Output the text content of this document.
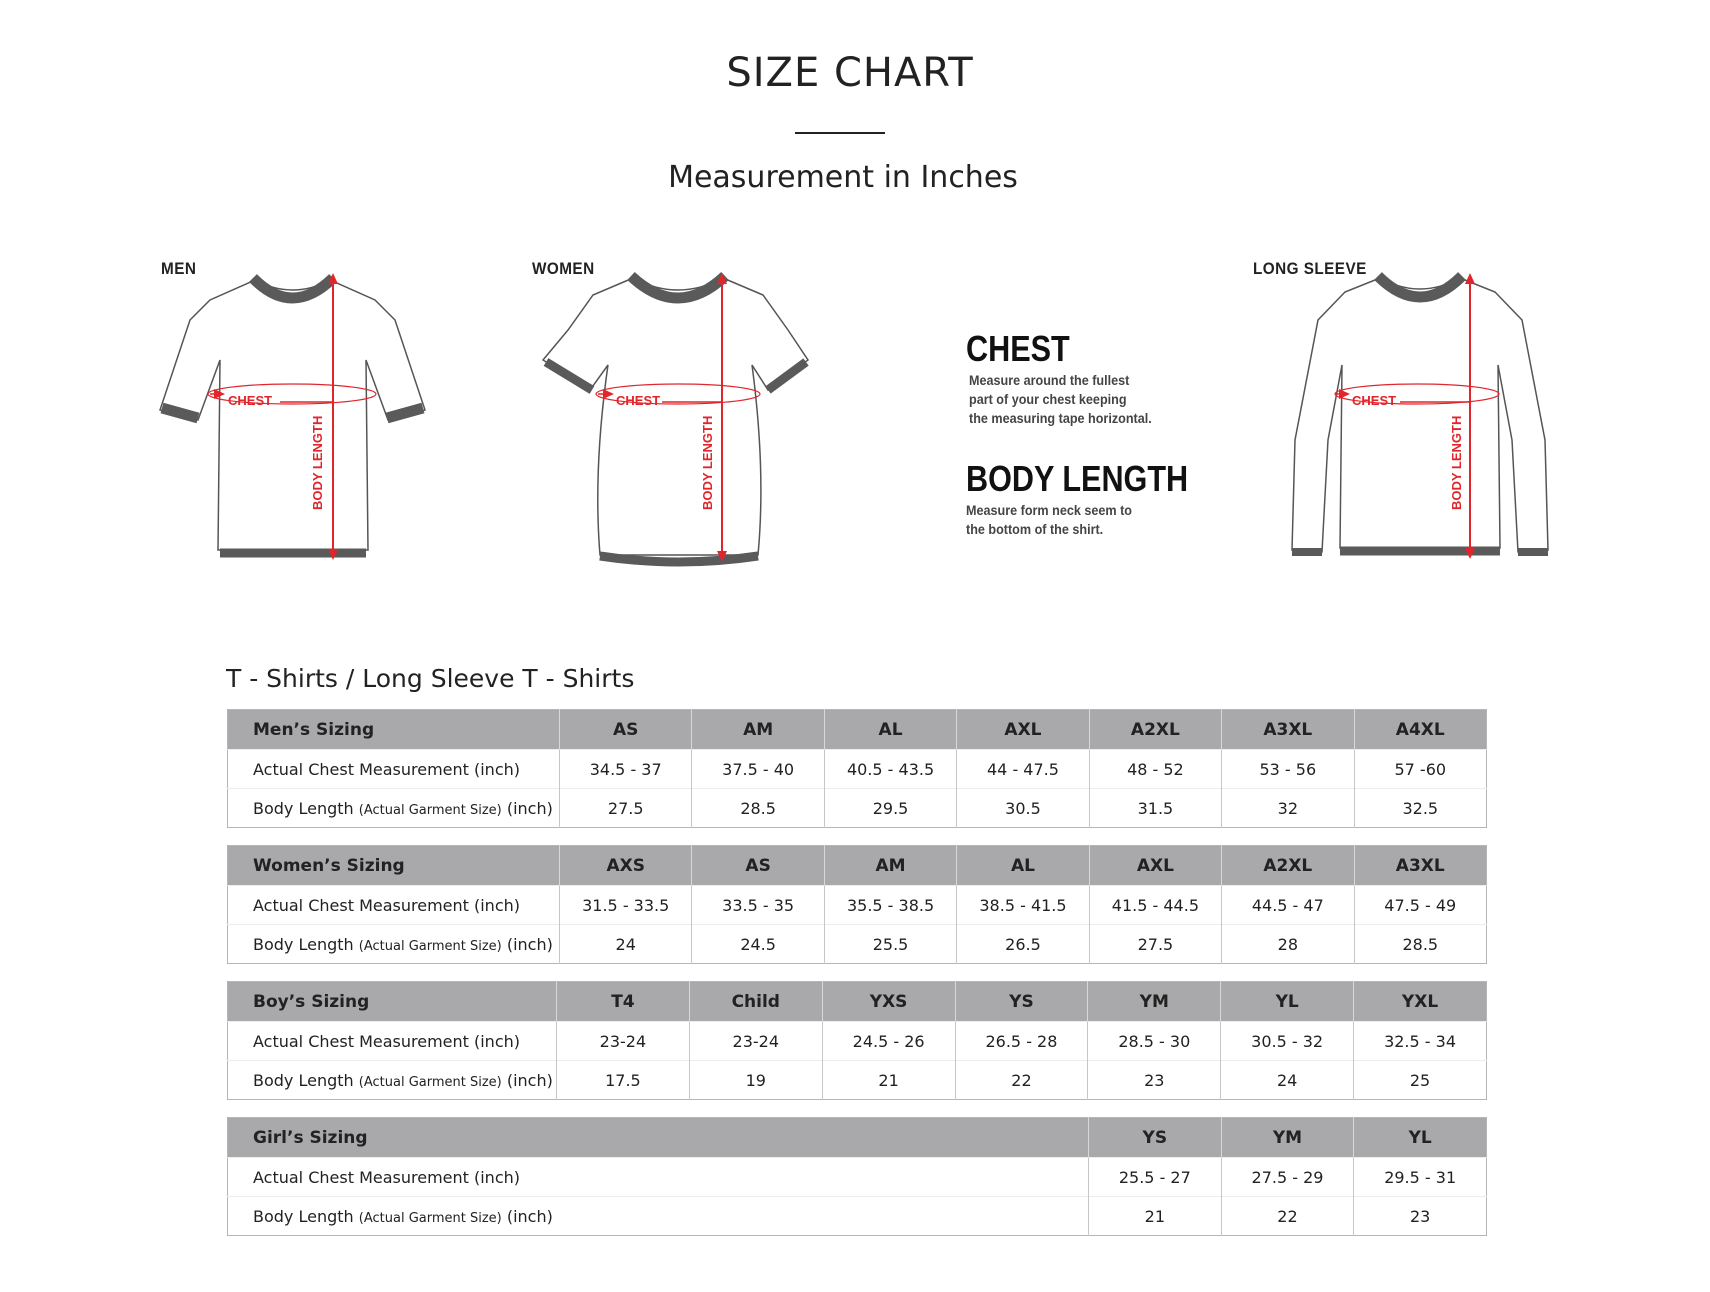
SIZE CHART
Measurement in Inches
MEN	WOMEN	LONG SLEEVE
CHEST
BODY LENGTH
CHEST
BODY LENGTH
CHEST
Measure around the fullest
part of your chest keeping
the measuring tape horizontal.
BODY LENGTH
Measure form neck seem to
the bottom of the shirt.
CHEST
BODY LENGTH
T - Shirts / Long Sleeve T - Shirts
Men’s Sizing	AS	AM	AL	AXL	A2XL	A3XL	A4XL
Actual Chest Measurement (inch)	34.5 - 37	37.5 - 40	40.5 - 43.5	44 - 47.5	48 - 52	53 - 56	57 -60
Body Length (Actual Garment Size) (inch)	27.5	28.5	29.5	30.5	31.5	32	32.5
Women’s Sizing	AXS	AS	AM	AL	AXL	A2XL	A3XL
Actual Chest Measurement (inch)	31.5 - 33.5	33.5 - 35	35.5 - 38.5	38.5 - 41.5	41.5 - 44.5	44.5 - 47	47.5 - 49
Body Length (Actual Garment Size) (inch)	24	24.5	25.5	26.5	27.5	28	28.5
Boy’s Sizing	T4	Child	YXS	YS	YM	YL	YXL
Actual Chest Measurement (inch)	23-24	23-24	24.5 - 26	26.5 - 28	28.5 - 30	30.5 - 32	32.5 - 34
Body Length (Actual Garment Size) (inch)	17.5	19	21	22	23	24	25
Girl’s Sizing	YS	YM	YL
Actual Chest Measurement (inch)	25.5 - 27	27.5 - 29	29.5 - 31
Body Length (Actual Garment Size) (inch)	21	22	23
